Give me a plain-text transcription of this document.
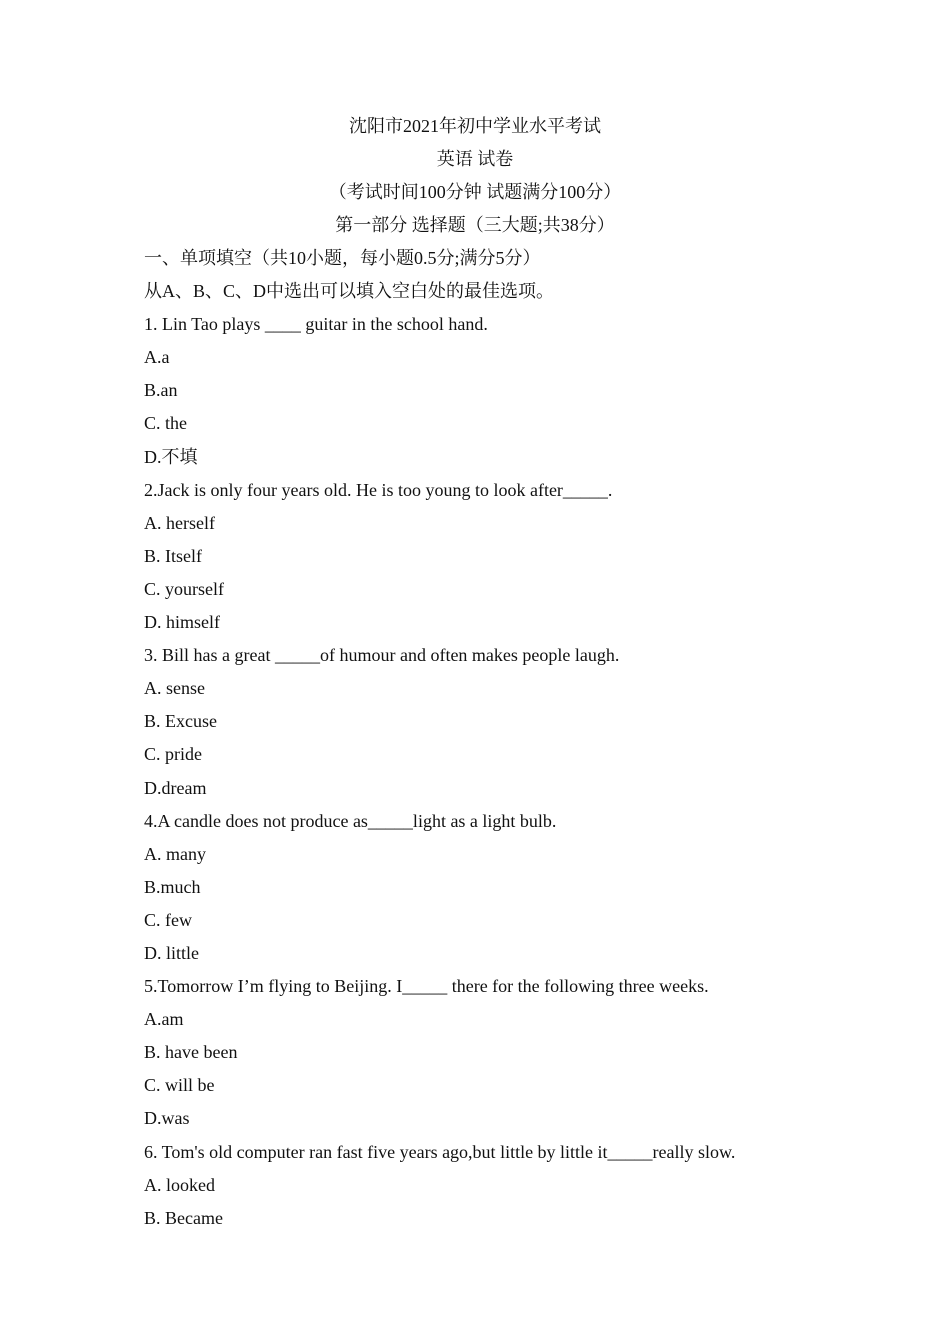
沈阳市2021年初中学业水平考试
英语 试卷
（考试时间100分钟 试题满分100分）
第一部分 选择题（三大题;共38分）
一、单项填空（共10小题，每小题0.5分;满分5分）
从A、B、C、D中选出可以填入空白处的最佳选项。
1. Lin Tao plays ____ guitar in the school hand.
A.a
B.an
C. the
D.不填
2.Jack is only four years old. He is too young to look after_____.
A. herself
B. Itself
C. yourself
D. himself
3. Bill has a great _____of humour and often makes people laugh.
A. sense
B. Excuse
C. pride
D.dream
4.A candle does not produce as_____light as a light bulb.
A. many
B.much
C. few
D. little
5.Tomorrow I’m flying to Beijing. I_____ there for the following three weeks.
A.am
B. have been
C. will be
D.was
6. Tom's old computer ran fast five years ago,but little by little it_____really slow.
A. looked
B. Became
